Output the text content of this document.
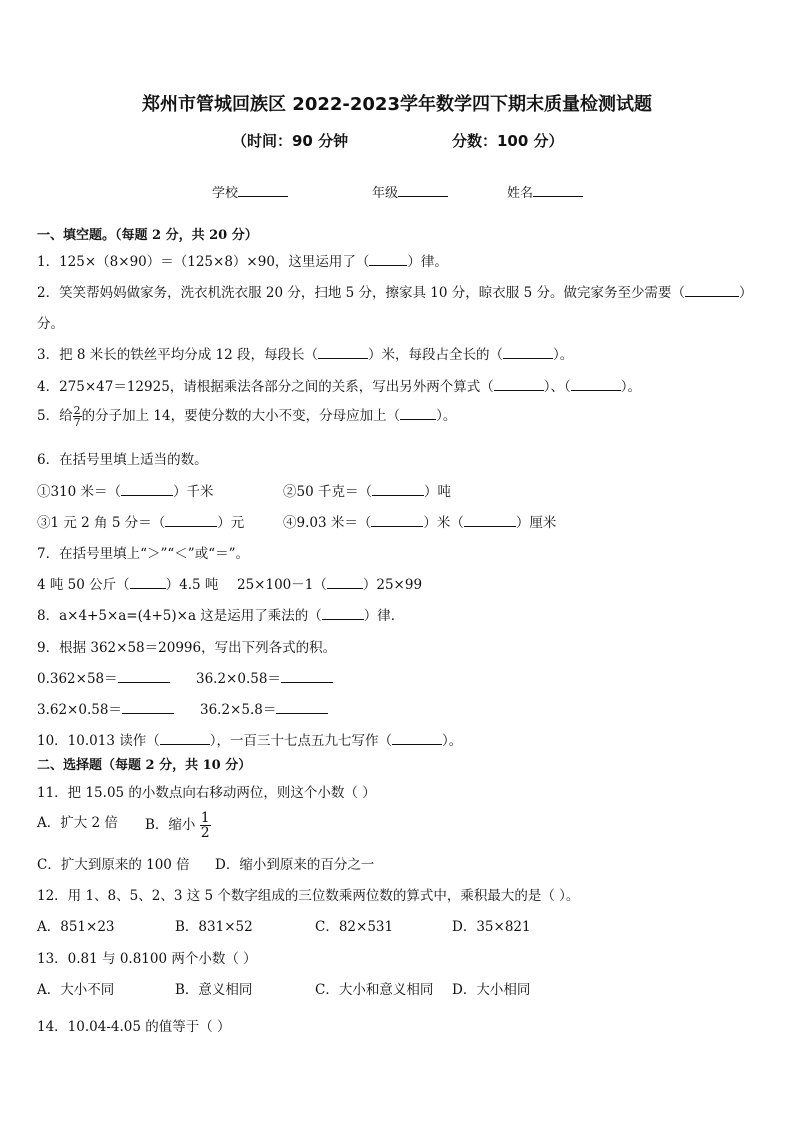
郑州市管城回族区 2022-2023学年数学四下期末质量检测试题
（时间：90 分钟	分数：100 分）
学校	年级	姓名
一、填空题。（每题 2 分，共 20 分）
1．125×（8×90）＝（125×8）×90，这里运用了（	）律。
2．笑笑帮妈妈做家务，洗衣机洗衣服 20 分，扫地 5 分，擦家具 10 分，晾衣服 5 分。做完家务至少需要（	）
分。
3．把 8 米长的铁丝平均分成 12 段，每段长（	）米，每段占全长的（	）。
4．275×47＝12925，请根据乘法各部分之间的关系，写出另外两个算式（	）、（	）。
5．给 $\frac{2}{7}$ 的分子加上 14，要使分数的大小不变，分母应加上（	）。
6．在括号里填上适当的数。
①310 米＝（	）千米	②50 千克＝（	）吨
③1 元 2 角 5 分＝（	）元	④9.03 米＝（	）米（	）厘米
7．在括号里填上“＞”“＜”或“＝”。
4 吨 50 公斤（	）4.5 吨 25×100－1（	）25×99
8．a×4+5×a=(4+5)×a 这是运用了乘法的（	）律．
9．根据 362×58＝20996，写出下列各式的积。
0.362×58＝	36.2×0.58＝
3.62×0.58＝	36.2×5.8＝
10．10.013 读作（	），一百三十七点五九七写作（	）。
二、选择题（每题 2 分，共 10 分）
11．把 15.05 的小数点向右移动两位，则这个小数（ ）
A．扩大 2 倍 B．缩小 $\frac{1}{2}$
C．扩大到原来的 100 倍 D．缩小到原来的百分之一
12．用 1、8、5、2、3 这 5 个数字组成的三位数乘两位数的算式中，乘积最大的是（ ）。
A．851×23	B．831×52	C．82×531	D．35×821
13．0.81 与 0.8100 两个小数（ ）
A．大小不同	B．意义相同	C．大小和意义相同 D．大小相同
14．10.04-4.05 的值等于（ ）
